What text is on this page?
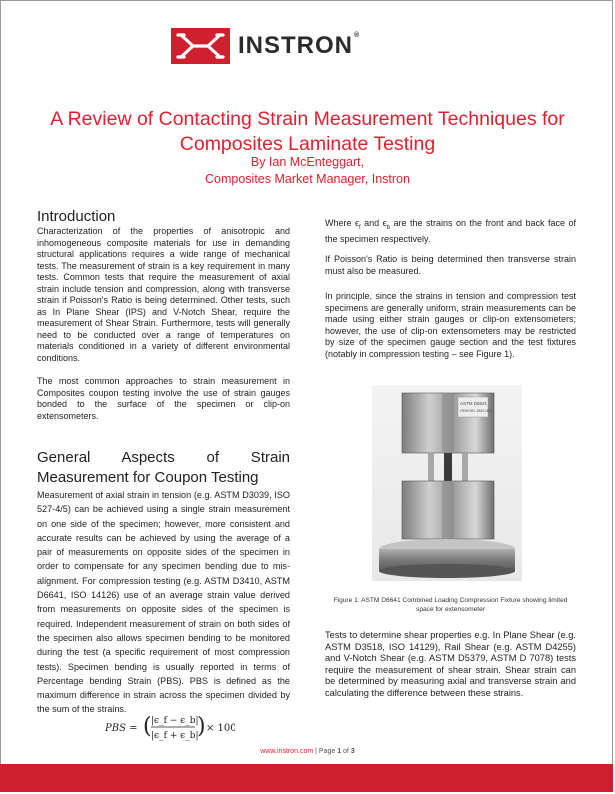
INSTRON®
A Review of Contacting Strain Measurement Techniques for Composites Laminate Testing
By Ian McEnteggart,
Composites Market Manager, Instron
Introduction

Characterization of the properties of anisotropic and inhomogeneous composite materials for use in demanding structural applications requires a wide range of mechanical tests. The measurement of strain is a key requirement in many tests. Common tests that require the measurement of axial strain include tension and compression, along with transverse strain if Poisson's Ratio is being determined. Other tests, such as In Plane Shear (IPS) and V-Notch Shear, require the measurement of Shear Strain. Furthermore, tests will generally need to be conducted over a range of temperatures on materials conditioned in a variety of different environmental conditions.

The most common approaches to strain measurement in Composites coupon testing involve the use of strain gauges bonded to the surface of the specimen or clip-on extensometers.

General Aspects of Strain Measurement for Coupon Testing

Measurement of axial strain in tension (e.g. ASTM D3039, ISO 527-4/5) can be achieved using a single strain measurement on one side of the specimen; however, more consistent and accurate results can be achieved by using the average of a pair of measurements on opposite sides of the specimen in order to compensate for any specimen bending due to mis-alignment. For compression testing (e.g. ASTM D3410, ASTM D6641, ISO 14126) use of an average strain value derived from measurements on opposite sides of the specimen is required. Independent measurement of strain on both sides of the specimen also allows specimen bending to be monitored during the test (a specific requirement of most compression tests). Specimen bending is usually reported in terms of Percentage bending Strain (PBS). PBS is defined as the maximum difference in strain across the specimen divided by the sum of the strains.

PBS = ( |ϵ_f − ϵ_b|
|ϵ_f + ϵ_b|
) × 100

Where $\epsilon_f$ and $\epsilon_b$ are the strains on the front and back face of the specimen respectively.

If Poisson's Ratio is being determined then transverse strain must also be measured.

In principle, since the strains in tension and compression test specimens are generally uniform, strain measurements can be made using either strain gauges or clip-on extensometers; however, the use of clip-on extensometers may be restricted by size of the specimen gauge section and the test fixtures (notably in compression testing – see Figure 1).

ASTM D6641
ITEM NO. 2810-002
Figure 1: ASTM D6641 Combined Loading Compression Fixture showing limited space for extensometer

Tests to determine shear properties e.g. In Plane Shear (e.g. ASTM D3518, ISO 14129), Rail Shear (e.g. ASTM D4255) and V-Notch Shear (e.g. ASTM D5379, ASTM D 7078) tests require the measurement of shear strain. Shear strain can be determined by measuring axial and transverse strain and calculating the difference between these strains.

www.instron.com | Page 1 of 3
